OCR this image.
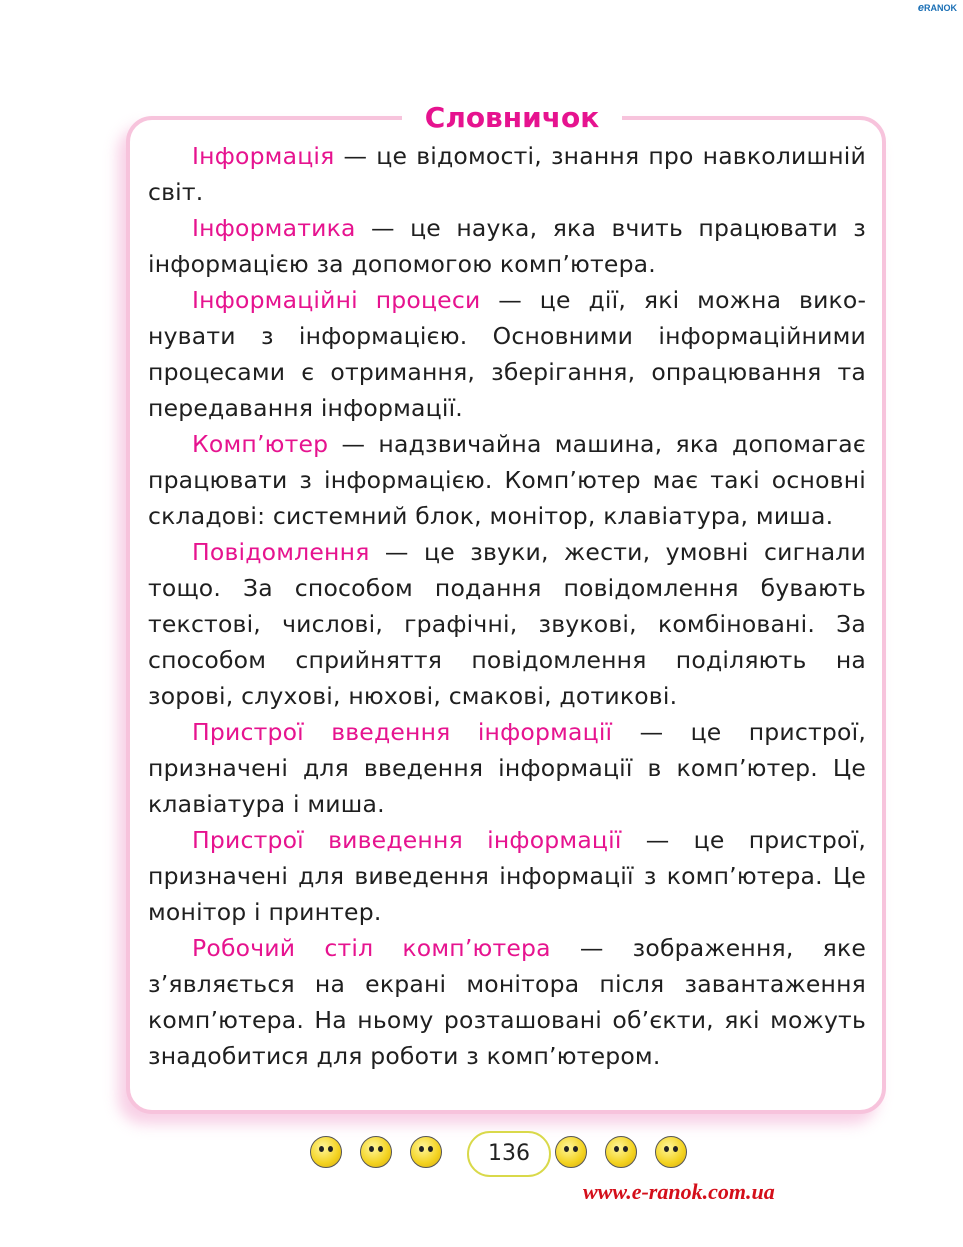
eRANOK
Словничок

Інформація — це відомості, знання про навколишній світ.

Інформатика — це наука, яка вчить працювати з інформацією за допомогою комп’ютера.

Інформаційні процеси — це дії, які можна виконувати з інформацією. Основними інформаційними процесами є отримання, зберігання, опрацювання та передавання інформації.

Комп’ютер — надзвичайна машина, яка допомагає працювати з інформацією. Комп’ютер має такі основні складові: системний блок, монітор, клавіатура, миша.

Повідомлення — це звуки, жести, умовні сигнали тощо. За способом подання повідомлення бувають текстові, числові, графічні, звукові, комбіновані. За способом сприйняття повідомлення поділяють на зорові, слухові, нюхові, смакові, дотикові.

Пристрої введення інформації — це пристрої, призначені для введення інформації в комп’ютер. Це клавіатура і миша.

Пристрої виведення інформації — це пристрої, призначені для виведення інформації з комп’ютера. Це монітор і принтер.

Робочий стіл комп’ютера — зображення, яке з’являється на екрані монітора після завантаження комп’ютера. На ньому розташовані об’єкти, які можуть знадобитися для роботи з комп’ютером.

136
www.e-ranok.com.ua
